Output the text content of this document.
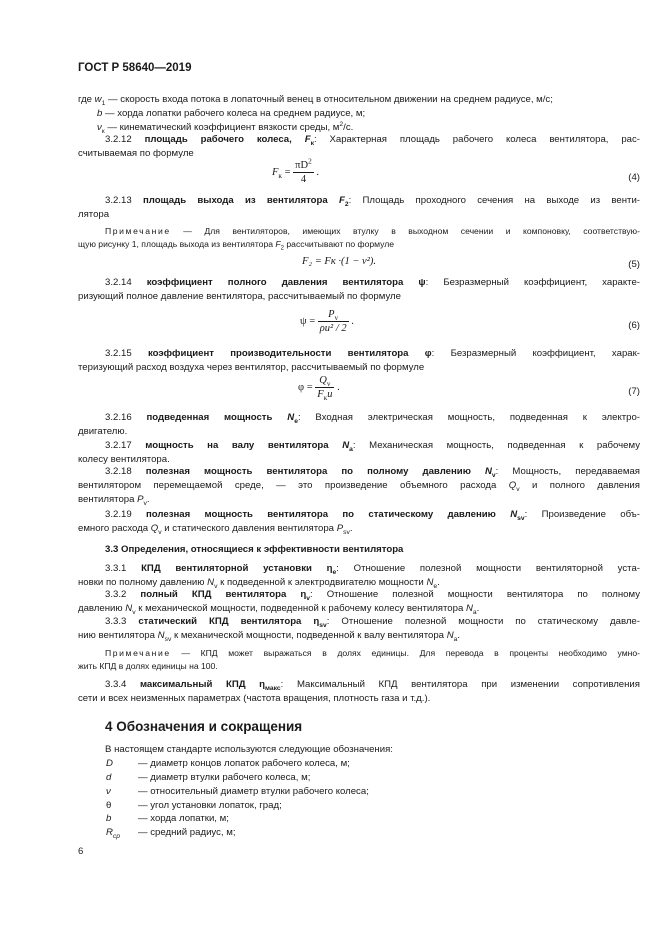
ГОСТ Р 58640—2019
где $w_1$ — скорость входа потока в лопаточный венец в относительном движении на среднем радиусе, м/с;
b — хорда лопатки рабочего колеса на среднем радиусе, м;
$\nu_к$ — кинематический коэффициент вязкости среды, $м^2/с$.
3.2.12 площадь рабочего колеса, $F_к$: Характерная площадь рабочего колеса вентилятора, рас-
считываемая по формуле
$F_к = \frac{\pi D^2}{4}$ .	(4)
3.2.13 площадь выхода из вентилятора $F_2$: Площадь проходного сечения на выходе из венти-
лятора
Примечание — Для вентиляторов, имеющих втулку в выходном сечении и компоновку, соответствую-
щую рисунку 1, площадь выхода из вентилятора $F_2$ рассчитывают по формуле
F₂ = Fк ·(1 − ν²).	(5)
3.2.14 коэффициент полного давления вентилятора ψ: Безразмерный коэффициент, характе-
ризующий полное давление вентилятора, рассчитываемый по формуле
$\psi = \frac{P_v}{\text{ρu² / 2}}$ .	(6)
3.2.15 коэффициент производительности вентилятора φ: Безразмерный коэффициент, харак-
теризующий расход воздуха через вентилятор, рассчитываемый по формуле
$\varphi = \frac{Q_v}{F_кu}$ .	(7)
3.2.16 подведенная мощность $N_e$: Входная электрическая мощность, подведенная к электро-
двигателю.
3.2.17 мощность на валу вентилятора $N_a$: Механическая мощность, подведенная к рабочему
колесу вентилятора.
3.2.18 полезная мощность вентилятора по полному давлению $N_v$: Мощность, передаваемая
вентилятором перемещаемой среде, — это произведение объемного расхода $Q_v$ и полного давления
вентилятора $P_v$.
3.2.19 полезная мощность вентилятора по статическому давлению $N_{sv}$: Произведение объ-
емного расхода $Q_v$ и статического давления вентилятора $P_{sv}$.
3.3 Определения, относящиеся к эффективности вентилятора
3.3.1 КПД вентиляторной установки $\eta_e$: Отношение полезной мощности вентиляторной уста-
новки по полному давлению $N_v$ к подведенной к электродвигателю мощности $N_e$.
3.3.2 полный КПД вентилятора $\eta_v$: Отношение полезной мощности вентилятора по полному
давлению $N_v$ к механической мощности, подведенной к рабочему колесу вентилятора $N_a$.
3.3.3 статический КПД вентилятора $\eta_{sv}$: Отношение полезной мощности по статическому давле-
нию вентилятора $N_{sv}$ к механической мощности, подведенной к валу вентилятора $N_a$.
Примечание — КПД может выражаться в долях единицы. Для перевода в проценты необходимо умно-
жить КПД в долях единицы на 100.
3.3.4 максимальный КПД $\eta_{макс}$: Максимальный КПД вентилятора при изменении сопротивления
сети и всех неизменных параметрах (частота вращения, плотность газа и т.д.).
4 Обозначения и сокращения
В настоящем стандарте используются следующие обозначения:
D	— диаметр концов лопаток рабочего колеса, м;
d	— диаметр втулки рабочего колеса, м;
ν	— относительный диаметр втулки рабочего колеса;
θ	— угол установки лопаток, град;
b	— хорда лопатки, м;
$R_{ср}$	— средний радиус, м;
6
